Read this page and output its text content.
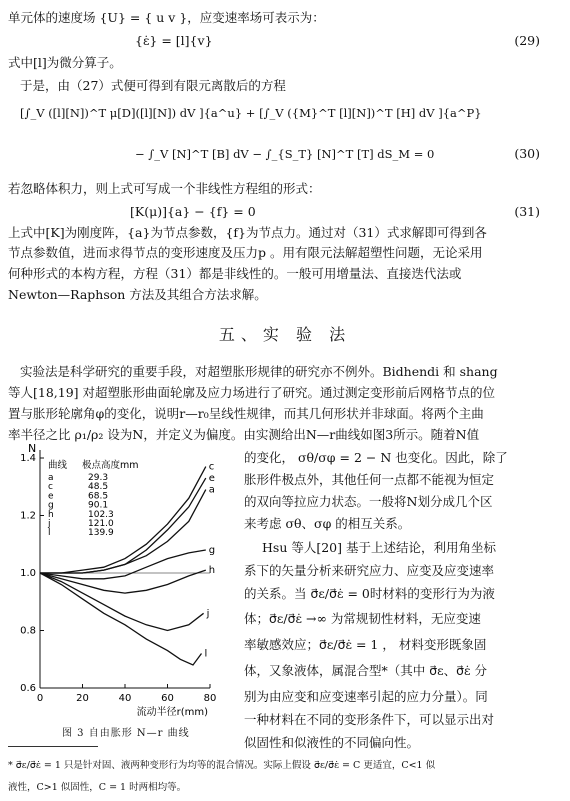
单元体的速度场 {U} = { u v }，应变速率场可表示为：
{ε̇} = [l]{v}	(29)
式中[l]为微分算子。
于是，由（27）式便可得到有限元离散后的方程
[∫_V ([l][N])^T μ[D]([l][N]) dV ]{a^u} + [∫_V ({M}^T [l][N])^T [H] dV ]{a^P}
− ∫_V [N]^T [B] dV − ∫_{S_T} [N]^T [T] dS_M = 0	(30)
若忽略体积力，则上式可写成一个非线性方程组的形式：
[K(μ)]{a} − {f} = 0	(31)
上式中[K]为刚度阵，{a}为节点参数，{f}为节点力。通过对（31）式求解即可得到各
节点参数值，进而求得节点的变形速度及压力p 。用有限元法解超塑性问题，无论采用
何种形式的本构方程，方程（31）都是非线性的。一般可用增量法、直接迭代法或
Newton—Raphson 方法及其组合方法求解。
五、实 验 法
实验法是科学研究的重要手段，对超塑胀形规律的研究亦不例外。Bidhendi 和 shang
等人[18,19] 对超塑胀形曲面轮廓及应力场进行了研究。通过测定变形前后网格节点的位
置与胀形轮廓角φ的变化，说明r—r₀呈线性规律，而其几何形状并非球面。将两个主曲
率半径之比 ρ₁/ρ₂ 设为N，并定义为偏度。由实测给出N—r曲线如图3所示。随着N值
的变化， σθ/σφ = 2 − N 也变化。因此，除了
胀形件极点外，其他任何一点都不能视为恒定
的双向等拉应力状态。一般将N划分成几个区
来考虑 σθ、σφ 的相互关系。
Hsu 等人[20] 基于上述结论，利用角坐标
系下的矢量分析来研究应力、应变及应变速率
的关系。当 σ⃗ε/σ⃗ε̇ = 0时材料的变形行为为液
体；σ⃗ε/σ⃗ε̇ →∞ 为常规韧性材料，无应变速
率敏感效应；σ⃗ε/σ⃗ε̇ = 1 ， 材料变形既象固
体，又象液体，属混合型*（其中 σ⃗ε、σ⃗ε̇ 分
别为由应变和应变速率引起的应力分量）。同
一种材料在不同的变形条件下，可以显示出对
似固性和似液性的不同偏向性。
0	20	40	60	80
0.6
0.8
1.0
1.2
1.4
N
流动半径r(mm)
a
c
e
g
h
j
l
曲线 极点高度mm
a	29.3
c	48.5
e	68.5
g	90.1
h	102.3
j	121.0
l	139.9
图 3 自由胀形 N—r 曲线
* σ⃗ε/σ⃗ε̇ = 1 只是针对固、液两种变形行为均等的混合情况。实际上假设 σ⃗ε/σ⃗ε̇ = C 更适宜，C<1 似
液性，C>1 似固性，C = 1 时两相均等。
